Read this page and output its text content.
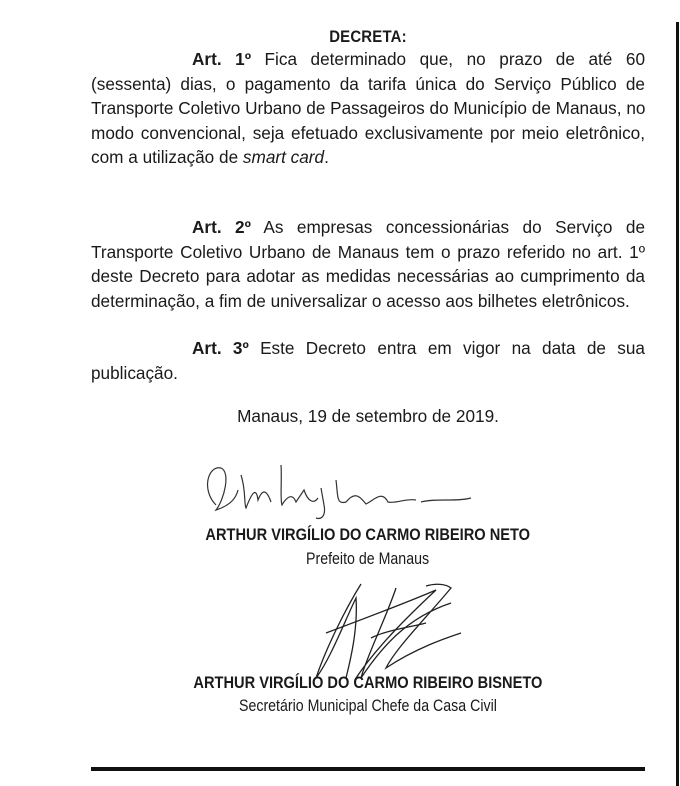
DECRETA:
Art. 1º Fica determinado que, no prazo de até 60
(sessenta) dias, o pagamento da tarifa única do Serviço Público de
Transporte Coletivo Urbano de Passageiros do Município de Manaus, no
modo convencional, seja efetuado exclusivamente por meio eletrônico,
com a utilização de smart card.
Art. 2º As empresas concessionárias do Serviço de
Transporte Coletivo Urbano de Manaus tem o prazo referido no art. 1º
deste Decreto para adotar as medidas necessárias ao cumprimento da
determinação, a fim de universalizar o acesso aos bilhetes eletrônicos.
Art. 3º Este Decreto entra em vigor na data de sua
publicação.
Manaus, 19 de setembro de 2019.
ARTHUR VIRGÍLIO DO CARMO RIBEIRO NETO
Prefeito de Manaus
ARTHUR VIRGÍLIO DO CARMO RIBEIRO BISNETO
Secretário Municipal Chefe da Casa Civil
